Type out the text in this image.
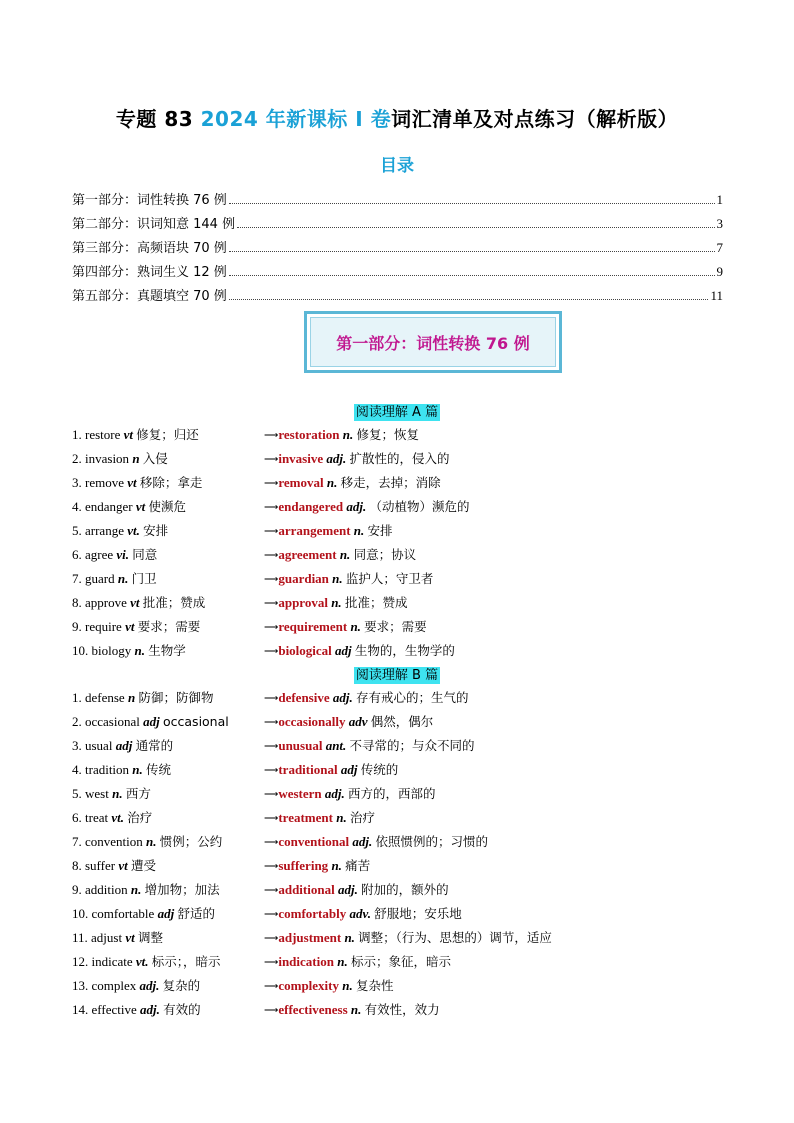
专题 83 2024 年新课标 I 卷词汇清单及对点练习（解析版）
目录
第一部分：词性转换 76 例	1
第二部分：识词知意 144 例	3
第三部分：高频语块 70 例	7
第四部分：熟词生义 12 例	9
第五部分：真题填空 70 例	11
第一部分：词性转换 76 例
阅读理解 A 篇
1. restore vt 修复；归还	⟶restoration n. 修复；恢复
2. invasion n 入侵	⟶invasive adj. 扩散性的，侵入的
3. remove vt 移除；拿走	⟶removal n. 移走，去掉；消除
4. endanger vt 使濒危	⟶endangered adj. （动植物）濒危的
5. arrange vt. 安排	⟶arrangement n. 安排
6. agree vi. 同意	⟶agreement n. 同意；协议
7. guard n. 门卫	⟶guardian n. 监护人；守卫者
8. approve vt 批准；赞成	⟶approval n. 批准；赞成
9. require vt 要求；需要	⟶requirement n. 要求；需要
10. biology n. 生物学	⟶biological adj 生物的，生物学的
阅读理解 B 篇
1. defense n 防御；防御物	⟶defensive adj. 存有戒心的；生气的
2. occasional adj occasional	⟶occasionally adv 偶然，偶尔
3. usual adj 通常的	⟶unusual ant. 不寻常的；与众不同的
4. tradition n. 传统	⟶traditional adj 传统的
5. west n. 西方	⟶western adj. 西方的，西部的
6. treat vt. 治疗	⟶treatment n. 治疗
7. convention n. 惯例；公约	⟶conventional adj. 依照惯例的；习惯的
8. suffer vt 遭受	⟶suffering n. 痛苦
9. addition n. 增加物；加法	⟶additional adj. 附加的，额外的
10. comfortable adj 舒适的	⟶comfortably adv. 舒服地；安乐地
11. adjust vt 调整	⟶adjustment n. 调整；（行为、思想的）调节，适应
12. indicate vt. 标示；，暗示	⟶indication n. 标示；象征，暗示
13. complex adj. 复杂的	⟶complexity n. 复杂性
14. effective adj. 有效的	⟶effectiveness n. 有效性，效力
